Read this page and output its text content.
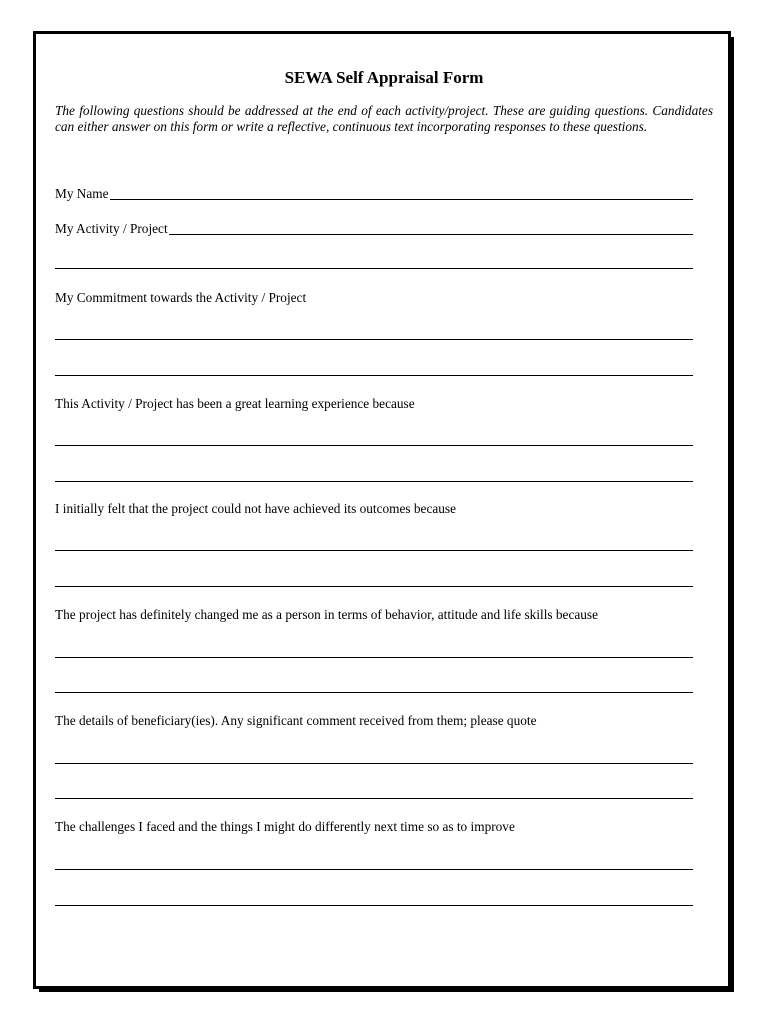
SEWA Self Appraisal Form
The following questions should be addressed at the end of each activity/project. These are guiding questions. Candidates can either answer on this form or write a reflective, continuous text incorporating responses to these questions.
My Name
My Activity / Project
My Commitment towards the Activity / Project
This Activity / Project has been a great learning experience because
I initially felt that the project could not have achieved its outcomes because
The project has definitely changed me as a person in terms of behavior, attitude and life skills because
The details of beneficiary(ies). Any significant comment received from them; please quote
The challenges I faced and the things I might do differently next time so as to improve
